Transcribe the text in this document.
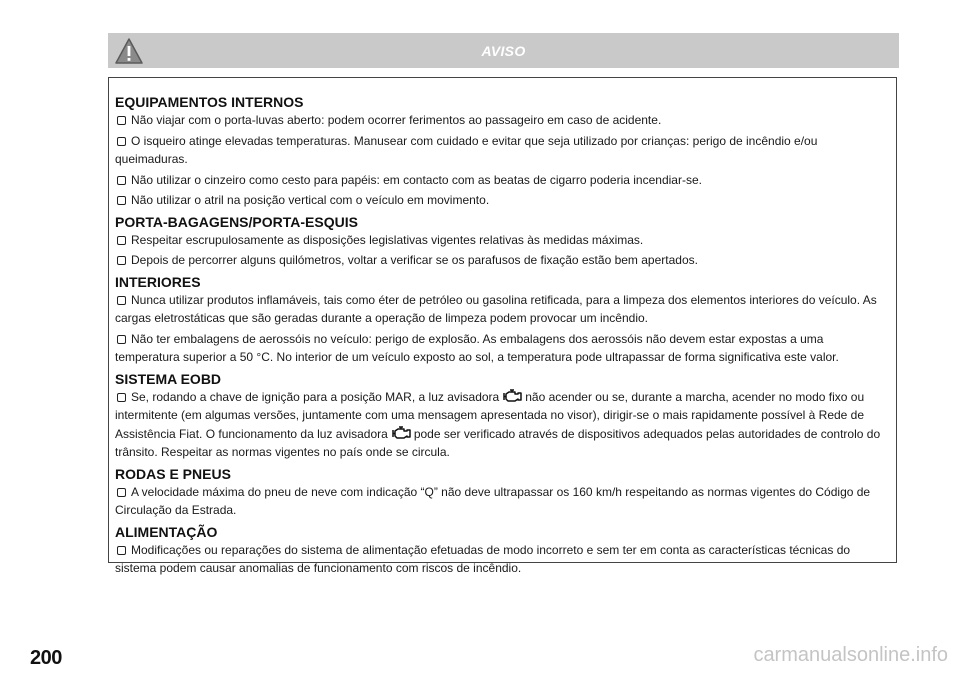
AVISO
EQUIPAMENTOS INTERNOS

Não viajar com o porta-luvas aberto: podem ocorrer ferimentos ao passageiro em caso de acidente.

O isqueiro atinge elevadas temperaturas. Manusear com cuidado e evitar que seja utilizado por crianças: perigo de incêndio e/ou queimaduras.

Não utilizar o cinzeiro como cesto para papéis: em contacto com as beatas de cigarro poderia incendiar-se.

Não utilizar o atril na posição vertical com o veículo em movimento.

PORTA-BAGAGENS/PORTA-ESQUIS

Respeitar escrupulosamente as disposições legislativas vigentes relativas às medidas máximas.

Depois de percorrer alguns quilómetros, voltar a verificar se os parafusos de fixação estão bem apertados.

INTERIORES

Nunca utilizar produtos inflamáveis, tais como éter de petróleo ou gasolina retificada, para a limpeza dos elementos interiores do veículo. As cargas eletrostáticas que são geradas durante a operação de limpeza podem provocar um incêndio.

Não ter embalagens de aerossóis no veículo: perigo de explosão. As embalagens dos aerossóis não devem estar expostas a uma temperatura superior a 50 °C. No interior de um veículo exposto ao sol, a temperatura pode ultrapassar de forma significativa este valor.

SISTEMA EOBD

Se, rodando a chave de ignição para a posição MAR, a luz avisadora não acender ou se, durante a marcha, acender no modo fixo ou intermitente (em algumas versões, juntamente com uma mensagem apresentada no visor), dirigir-se o mais rapidamente possível à Rede de Assistência Fiat. O funcionamento da luz avisadora pode ser verificado através de dispositivos adequados pelas autoridades de controlo do trânsito. Respeitar as normas vigentes no país onde se circula.

RODAS E PNEUS

A velocidade máxima do pneu de neve com indicação “Q” não deve ultrapassar os 160 km/h respeitando as normas vigentes do Código de Circulação da Estrada.

ALIMENTAÇÃO

Modificações ou reparações do sistema de alimentação efetuadas de modo incorreto e sem ter em conta as características técnicas do sistema podem causar anomalias de funcionamento com riscos de incêndio.

200	carmanualsonline.info
